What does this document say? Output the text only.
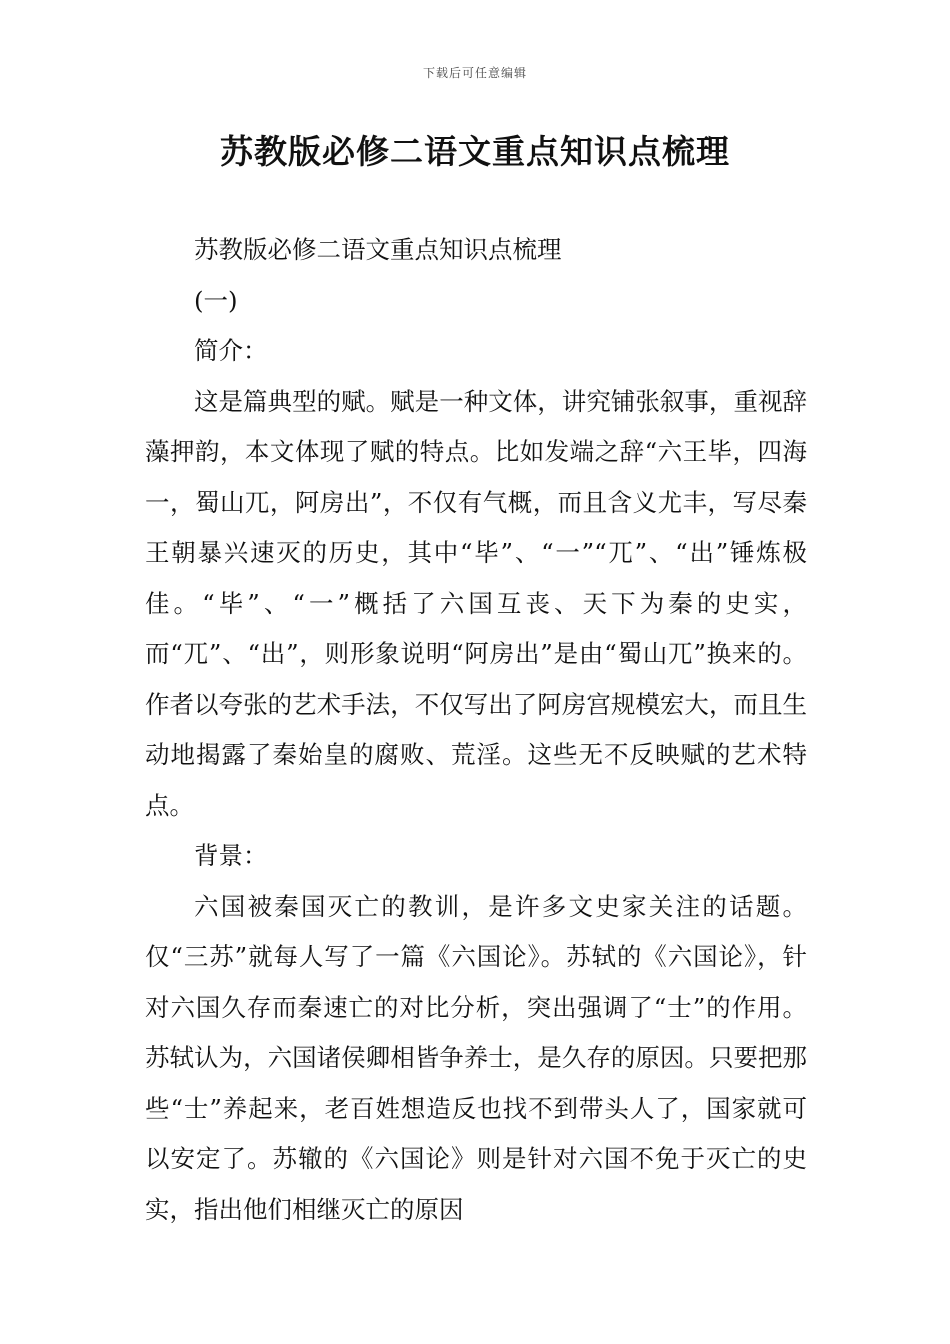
下载后可任意编辑
苏教版必修二语文重点知识点梳理

苏教版必修二语文重点知识点梳理

(一)

简介：

这是篇典型的赋。赋是一种文体，讲究铺张叙事，重视辞藻押韵，本文体现了赋的特点。比如发端之辞“六王毕，四海一，蜀山兀，阿房出”，不仅有气概，而且含义尤丰，写尽秦王朝暴兴速灭的历史，其中“毕”、“一”“兀”、“出”锤炼极佳。“毕”、“一”概括了六国互丧、天下为秦的史实，而“兀”、“出”，则形象说明“阿房出”是由“蜀山兀”换来的。作者以夸张的艺术手法，不仅写出了阿房宫规模宏大，而且生动地揭露了秦始皇的腐败、荒淫。这些无不反映赋的艺术特点。

背景：

六国被秦国灭亡的教训，是许多文史家关注的话题。仅“三苏”就每人写了一篇《六国论》。苏轼的《六国论》，针对六国久存而秦速亡的对比分析，突出强调了“士”的作用。苏轼认为，六国诸侯卿相皆争养士，是久存的原因。只要把那些“士”养起来，老百姓想造反也找不到带头人了，国家就可以安定了。苏辙的《六国论》则是针对六国不免于灭亡的史实，指出他们相继灭亡的原因
